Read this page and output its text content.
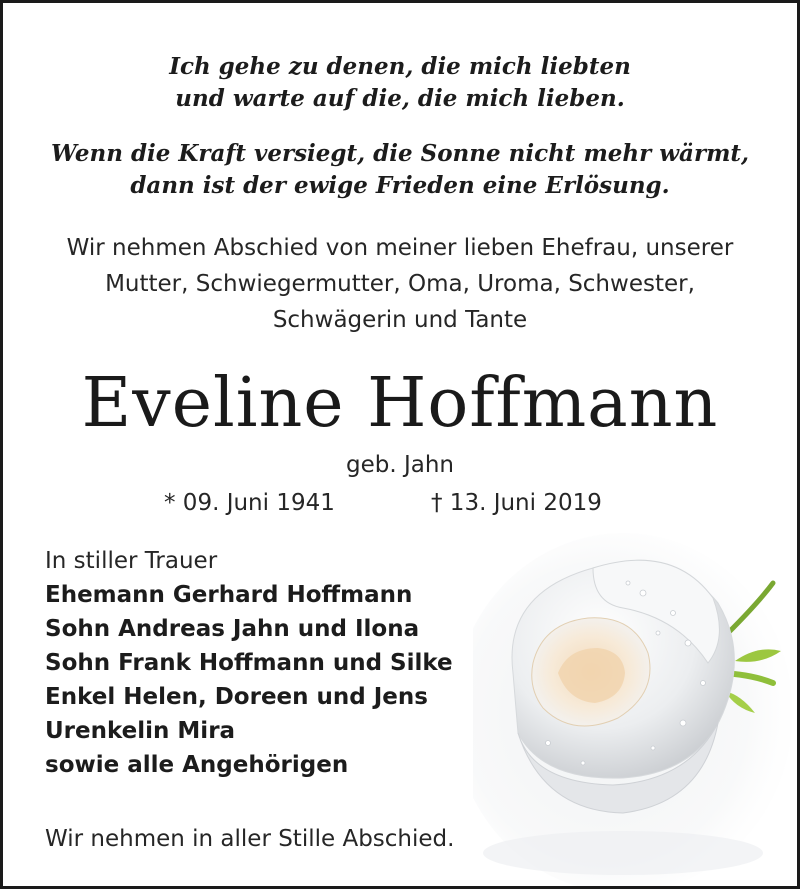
Ich gehe zu denen, die mich liebten
und warte auf die, die mich lieben.
Wenn die Kraft versiegt, die Sonne nicht mehr wärmt,
dann ist der ewige Frieden eine Erlösung.
Wir nehmen Abschied von meiner lieben Ehefrau, unserer
Mutter, Schwiegermutter, Oma, Uroma, Schwester,
Schwägerin und Tante
Eveline Hoffmann
geb. Jahn
* 09. Juni 1941	† 13. Juni 2019
In stiller Trauer
Ehemann Gerhard Hoffmann
Sohn Andreas Jahn und Ilona
Sohn Frank Hoffmann und Silke
Enkel Helen, Doreen und Jens
Urenkelin Mira
sowie alle Angehörigen
Wir nehmen in aller Stille Abschied.
